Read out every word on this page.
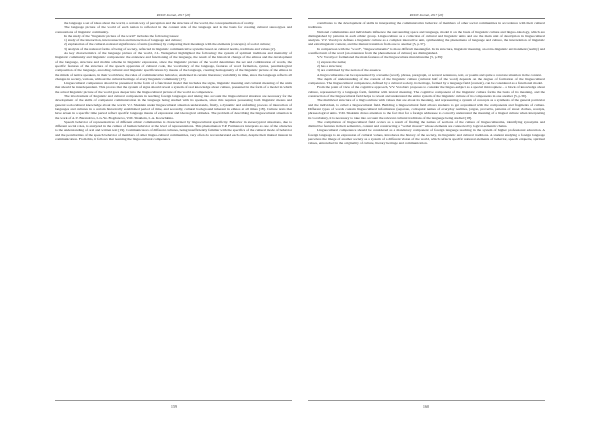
RUDN Journal, 2017 (20)

the language a set of ideas about the world, a certain way of perception and the structure of the world, the conceptualization of reality.

The language picture of the world of each nation is reflected in the content side of the language and is the basis for creating cultural stereotypes and connotations of linguistic community.

In the study of the “linguistic picture of the world” includes the following issues:

1) study of the interaction, interconnection and interaction of language and culture;

2) explanation of the cultural-national significance of units (realities) by comparing their meanings with the elements (concepts) of social culture;

3) analysis of the national forms of being of society, reflected in linguistic communicative systems based on cultural norms, traditions and values [2].

As key characteristics of the language picture of the world, J.L. Weisgerber highlighted the following: the system of spiritual traditions and mentality of linguistic community and linguistic components: the existence and functioning of the language, the result of the historical change of the ethnos and the development of the language, structure and mobile scheme in linguistic expression, since the linguistic picture of the world determines the set and combination of words, the specific features of the structure of the speech apparatus of cultural code, the vocabulary of the language, features of word formation, syntax, paremiological composition of the language, encoding cultural and linguistic specifications by means of the language, creating homogeneity of the linguistic picture of the ethnos in the minds of native speakers, in their worldview, the rules of communicative behavior, enshrined in certain literature; variability in time, since the language reflects all changes in society, various, without the cultural heritage of every linguistic community [17].

Linguocultural competence should be presented in the form of a functional model that includes the signs, linguistic meaning and cultural meaning of the units that should be interdependent. This proves that the system of signs should reveal a system of real knowledge about culture, presented in the form of a model in which the actual linguistic picture of the world goes deeper into the linguocultural picture of the world as competence.

The involvement of linguistic and cultural components in teaching foreign languages and taking into account the linguocultural situation are necessary for the development of the skills of competent communication in the language being studied with its speakers, since this requires possessing both linguistic means and general sociocultural knowledge about the world. V.J. Shaklein under linguocultural situation understands, firstly, a dynamic and unfolding process of interaction of languages and cultures in a certain historically established period of time, and secondly, cultural background inherent in ethnos at all times [18]. Culture texts that have arisen in a specific time period reflect specific language means of expression and ideological attitudes. The problem of describing the linguocultural situation is the work of A.V. Barandova, L.G.Ye. Bogdanova, V.M. Shaklein, L.A. Kozachkina.

Speech behavior of representatives of different ethnic communities is characterized by linguocultural specificity. Behavior in stereotypical situations, due to different social roles, is analyzed in the culture of human behavior at the level of representations. This phenomenon V.P. Furmanova interprets as one of the obstacles to the understanding of oral and written text [19]. Communicators of different cultures, being insufficiently familiar with the specifics of the cultural mode of behavior and the peculiarities of the speech behavior of members of other lingua-cultural communities, very often do not understand each other, despite their mutual interest in communication. From this, it follows that learning the linguocultural competence

159
RUDN Journal, 2017 (20)

contributes to the development of skills in interpreting the communicative behavior of members of other social communities in accordance with their cultural traditions.

National communities and individuals influence the surrounding space and language, model it on the basis of linguistic culture and linguo-ideology, which are distinguished by patterns in each ethnic group. Linguoculture as a collection of cultural and linguistic units and are the main unit of description in linguocultural analysis. V.V. Vorobyov defines a linguistic culture as a complex interactive unit, synthesizing the phenomena of language and culture, the interrelation of linguistic and extralinguistic content, and the mutual transition from one to another [5, p.37].

In comparison with the “word”, “linguoculturema” is more difficult meaningful. In its structure, linguistic meaning, an extra-linguistic environment (reality) and a unified unit of the word (an extension from the phenomenon of culture) are distinguished.

V.V. Vorobyov formulated the main features of the linguoculture murculturema [5, p.39]:

1) express the name;

2) has a structure;

3) are combined by the notion of the essence.

A lingvoculturema can be represented by a lexeme (word), phrase, paragraph, or several sentences, text, or poems and quite a concrete situation in the context.

The depth of understanding of the content of the linguistic culture (cultural half of the word) depends on the degree of formation of the linguocultural competence. The linguocultural competence, defined by a cultural society, its heritage, formed by a language field (context), can be considered as a functional model.

From the point of view of the cognitive approach, V.V. Vorobiev proposes to consider the linguo-subject as a special microsphere – a block of knowledge about culture, represented by a language form, familiar with lexical meaning. The cognitive component of the linguistic culture forms the basis of its meaning, and the construction of the linguocultural field helps to reveal and understand the entire system of the linguistic culture of its components in one another [5, p.39].

The multilevel structure of a lingvoculture with values that are about its meaning, and representing a system of concepts as a synthesis of the general particular and the individual, is called a linguocultural field. Building a linguocultural field allows students to get acquainted with the components and fragments of culture. Different types of words contain linguocultural information (separate, colloquial names of everyday realities, jargon, proverbs, patterns of street clothes, receipts, phraseological units. V.M. Shaklein draws attention to the fact that for a foreign addressee to correctly understand the meaning of a lingual culture when interpreting its vocabulary, it is necessary to take into account the relevant cultural traditions of the language being studied [18].

The compilation of linguocultural field occurs as a result of finding the names of sections of the culture of linguoculturema, identifying synonyms and distinctive features in their semantics, content and constructing a “verbal mosaic” whose elements are connected by logical-semantic chains.

Linguocultural competence should be considered as a mandatory component of foreign language teaching in the system of higher professional education. A foreign language is an expression of cultural values, introduces the history of the society, its linguistic and cultural traditions. A student studying a foreign language perceives the image of another society as a system of a different vision of the world, which reflects specific national elements of behavior, speech etiquette, spiritual values, entrenched in the originality of culture, literary heritage and communication.

160
